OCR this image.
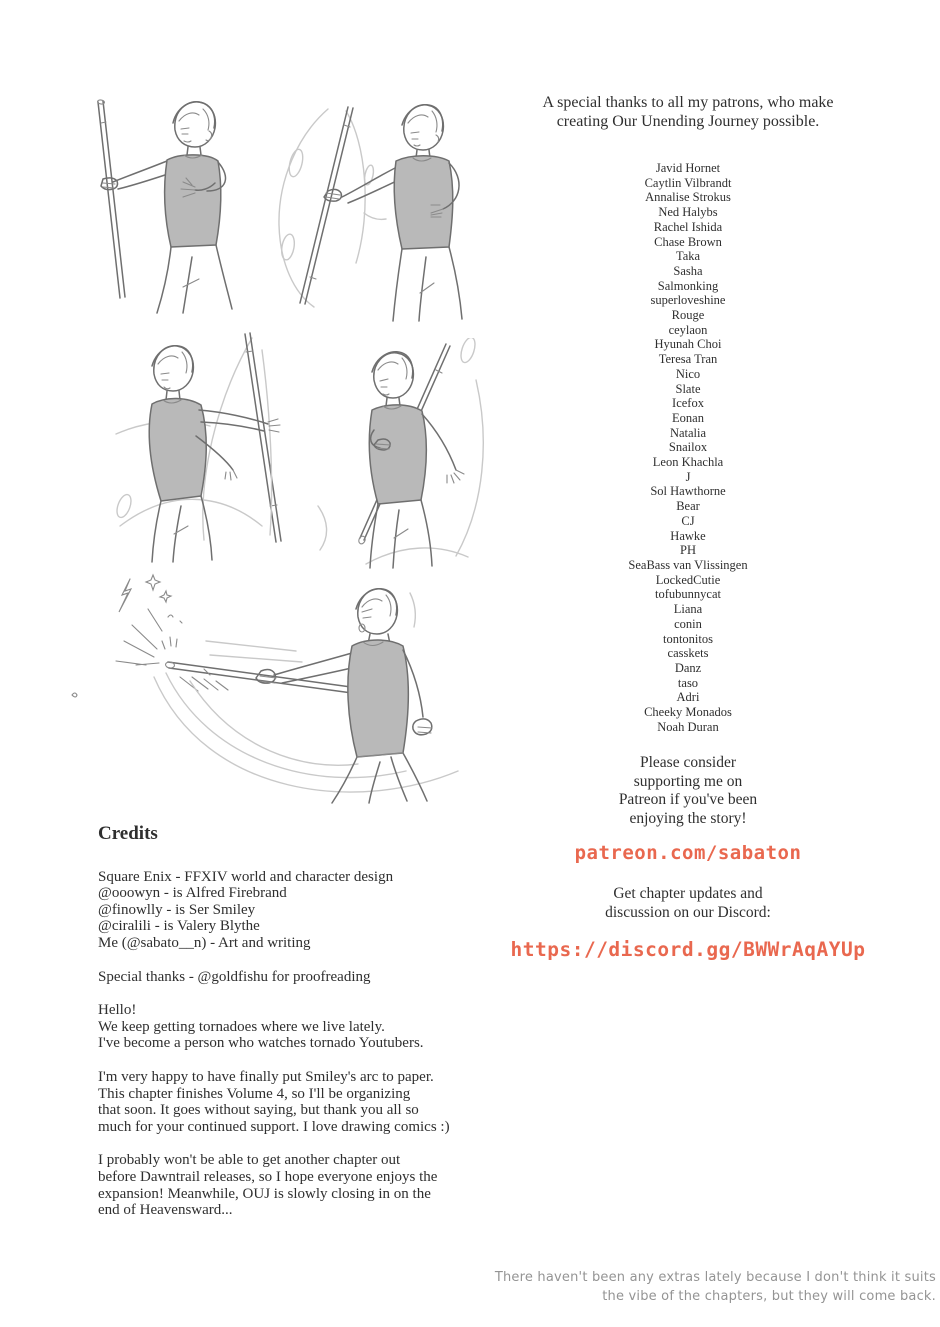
A special thanks to all my patrons, who make
creating Our Unending Journey possible.
Javid Hornet
Caytlin Vilbrandt
Annalise Strokus
Ned Halybs
Rachel Ishida
Chase Brown
Taka
Sasha
Salmonking
superloveshine
Rouge
ceylaon
Hyunah Choi
Teresa Tran
Nico
Slate
Icefox
Eonan
Natalia
Snailox
Leon Khachla
J
Sol Hawthorne
Bear
CJ
Hawke
PH
SeaBass van Vlissingen
LockedCutie
tofubunnycat
Liana
conin
tontonitos
casskets
Danz
taso
Adri
Cheeky Monados
Noah Duran
Please consider
supporting me on
Patreon if you've been
enjoying the story!
patreon.com/sabaton
Get chapter updates and
discussion on our Discord:
https://discord.gg/BWWrAqAYUp
Credits
Square Enix - FFXIV world and character design
@ooowyn - is Alfred Firebrand
@finowlly - is Ser Smiley
@ciralili - is Valery Blythe
Me (@sabato__n) - Art and writing
Special thanks - @goldfishu for proofreading
Hello!
We keep getting tornadoes where we live lately.
I've become a person who watches tornado Youtubers.
I'm very happy to have finally put Smiley's arc to paper.
This chapter finishes Volume 4, so I'll be organizing
that soon. It goes without saying, but thank you all so
much for your continued support. I love drawing comics :)
I probably won't be able to get another chapter out
before Dawntrail releases, so I hope everyone enjoys the
expansion! Meanwhile, OUJ is slowly closing in on the
end of Heavensward...
There haven't been any extras lately because I don't think it suits
the vibe of the chapters, but they will come back.
